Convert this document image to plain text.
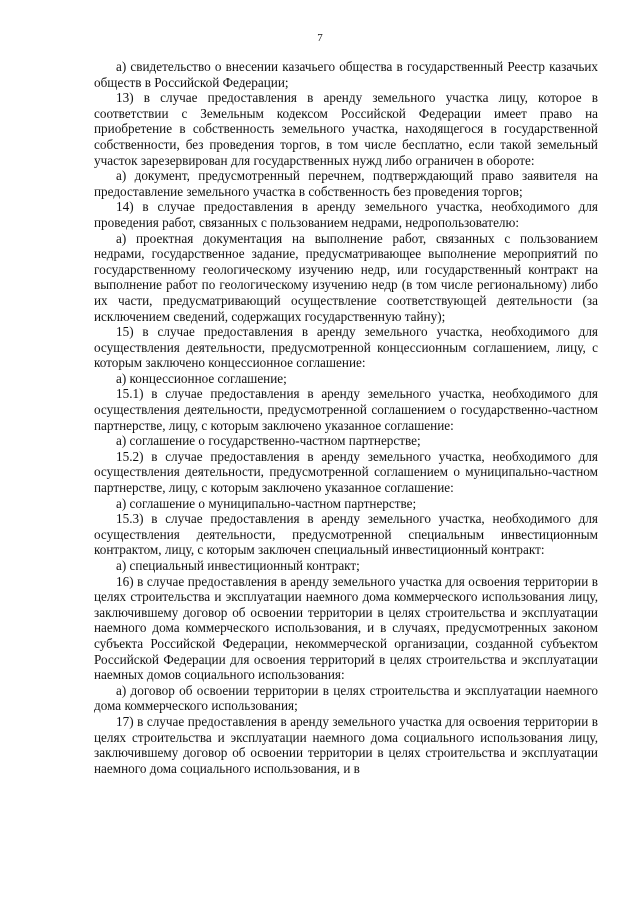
7

а) свидетельство о внесении казачьего общества в государственный Реестр казачьих обществ в Российской Федерации;

13) в случае предоставления в аренду земельного участка лицу, которое в соответствии с Земельным кодексом Российской Федерации имеет право на приобретение в собственность земельного участка, находящегося в государственной собственности, без проведения торгов, в том числе бесплатно, если такой земельный участок зарезервирован для государственных нужд либо ограничен в обороте:

а) документ, предусмотренный перечнем, подтверждающий право заявителя на предоставление земельного участка в собственность без проведения торгов;

14) в случае предоставления в аренду земельного участка, необходимого для проведения работ, связанных с пользованием недрами, недропользователю:

а) проектная документация на выполнение работ, связанных с пользованием недрами, государственное задание, предусматривающее выполнение мероприятий по государственному геологическому изучению недр, или государственный контракт на выполнение работ по геологическому изучению недр (в том числе региональному) либо их части, предусматривающий осуществление соответствующей деятельности (за исключением сведений, содержащих государственную тайну);

15) в случае предоставления в аренду земельного участка, необходимого для осуществления деятельности, предусмотренной концессионным соглашением, лицу, с которым заключено концессионное соглашение:

а) концессионное соглашение;

15.1) в случае предоставления в аренду земельного участка, необходимого для осуществления деятельности, предусмотренной соглашением о государственно-частном партнерстве, лицу, с которым заключено указанное соглашение:

а) соглашение о государственно-частном партнерстве;

15.2) в случае предоставления в аренду земельного участка, необходимого для осуществления деятельности, предусмотренной соглашением о муниципально-частном партнерстве, лицу, с которым заключено указанное соглашение:

а) соглашение о муниципально-частном партнерстве;

15.3) в случае предоставления в аренду земельного участка, необходимого для осуществления деятельности, предусмотренной специальным инвестиционным контрактом, лицу, с которым заключен специальный инвестиционный контракт:

а) специальный инвестиционный контракт;

16) в случае предоставления в аренду земельного участка для освоения территории в целях строительства и эксплуатации наемного дома коммерческого использования лицу, заключившему договор об освоении территории в целях строительства и эксплуатации наемного дома коммерческого использования, и в случаях, предусмотренных законом субъекта Российской Федерации, некоммерческой организации, созданной субъектом Российской Федерации для освоения территорий в целях строительства и эксплуатации наемных домов социального использования:

а) договор об освоении территории в целях строительства и эксплуатации наемного дома коммерческого использования;

17) в случае предоставления в аренду земельного участка для освоения территории в целях строительства и эксплуатации наемного дома социального использования лицу, заключившему договор об освоении территории в целях строительства и эксплуатации наемного дома социального использования, и в
